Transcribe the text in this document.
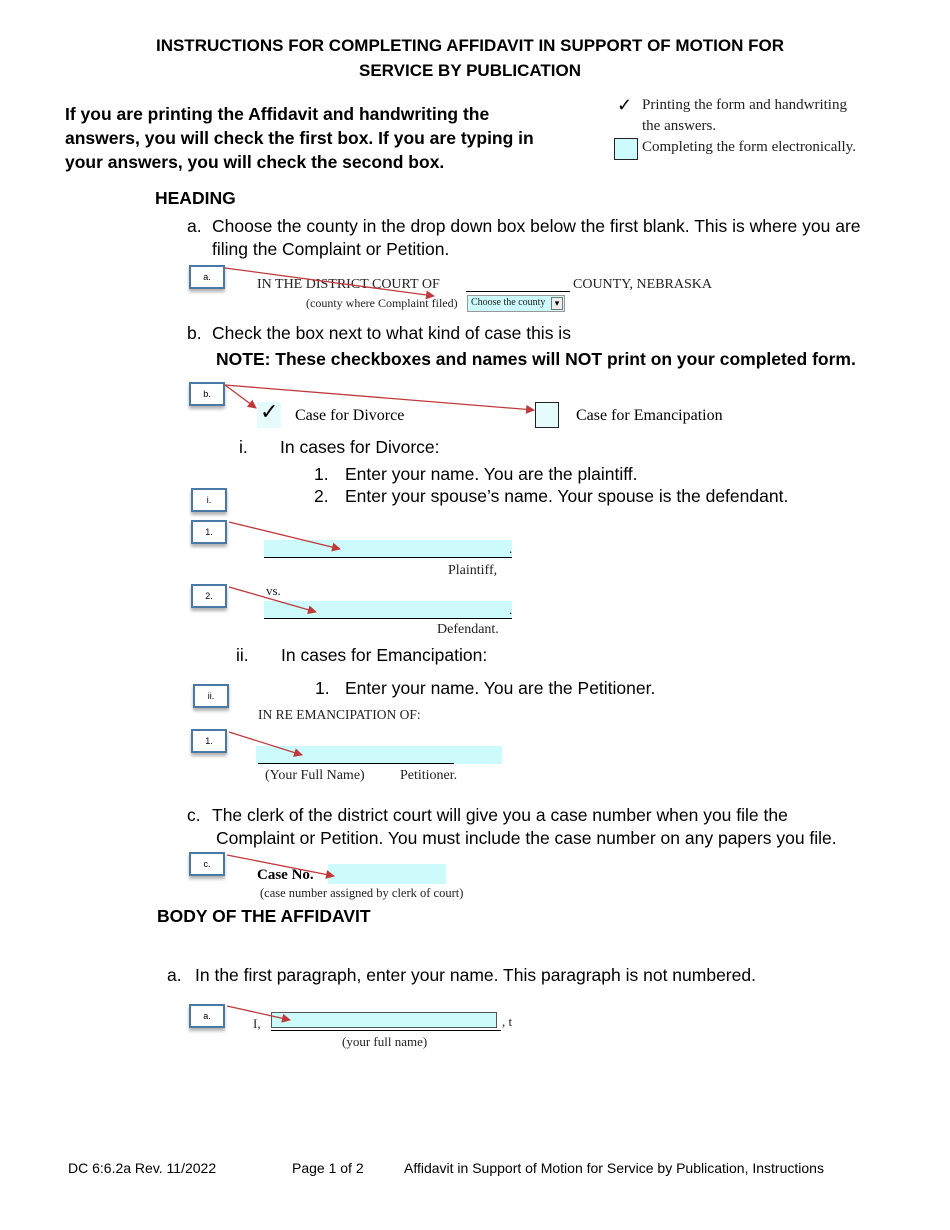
INSTRUCTIONS FOR COMPLETING AFFIDAVIT IN SUPPORT OF MOTION FOR
SERVICE BY PUBLICATION
If you are printing the Affidavit and handwriting the
answers, you will check the first box. If you are typing in
your answers, you will check the second box.
✓ Printing the form and handwriting
the answers.
Completing the form electronically.
HEADING
a. Choose the county in the drop down box below the first blank. This is where you are
filing the Complaint or Petition.
a.	IN THE DISTRICT COURT OF	COUNTY, NEBRASKA
(county where Complaint filed) Choose the county	▾
b. Check the box next to what kind of case this is
NOTE: These checkboxes and names will NOT print on your completed form.
b.
✓ Case for Divorce	Case for Emancipation
i. In cases for Divorce:
1. Enter your name. You are the plaintiff.
2. Enter your spouse’s name. Your spouse is the defendant.
i.
1.
.
Plaintiff,
2.	vs.
.
Defendant.
ii. In cases for Emancipation:
1. Enter your name. You are the Petitioner.
ii.
IN RE EMANCIPATION OF:
1.
(Your Full Name)	Petitioner.
c. The clerk of the district court will give you a case number when you file the
Complaint or Petition. You must include the case number on any papers you file.
c.
Case No.
(case number assigned by clerk of court)
BODY OF THE AFFIDAVIT
a. In the first paragraph, enter your name. This paragraph is not numbered.
a.	I,	, t
(your full name)
DC 6:6.2a Rev. 11/2022	Page 1 of 2	Affidavit in Support of Motion for Service by Publication, Instructions
